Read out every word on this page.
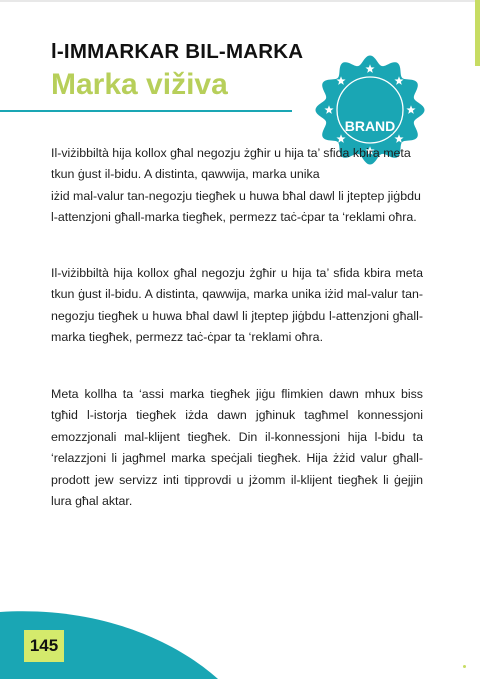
l-IMMARKAR BIL-MARKA
Marka viživa
BRAND
Il-viżibbiltà hija kollox għal negozju żgħir u hija ta’ sfida kbira meta
tkun ġust il-bidu. A distinta, qawwija, marka unika
iżid mal-valur tan-negozju tiegħek u huwa bħal dawl li jteptep jiġbdu
l-attenzjoni għall-marka tiegħek, permezz taċ-ċpar ta ‘reklami oħra.

Il-viżibbiltà hija kollox għal negozju żgħir u hija ta’ sfida kbira meta tkun ġust il-bidu. A distinta, qawwija, marka unika iżid mal-valur tan-negozju tiegħek u huwa bħal dawl li jteptep jiġbdu l-attenzjoni għall-marka tiegħek, permezz taċ-ċpar ta ‘reklami oħra.

Meta kollha ta ‘assi marka tiegħek jiġu flimkien dawn mhux biss tgħid l-istorja tiegħek iżda dawn jgħinuk tagħmel konnessjoni emozzjonali mal-klijent tiegħek. Din il-konnessjoni hija l-bidu ta ‘relazzjoni li jagħmel marka speċjali tiegħek. Hija żżid valur għall-prodott jew servizz inti tipprovdi u jżomm il-klijent tiegħek li ġejjin lura għal aktar.

145
